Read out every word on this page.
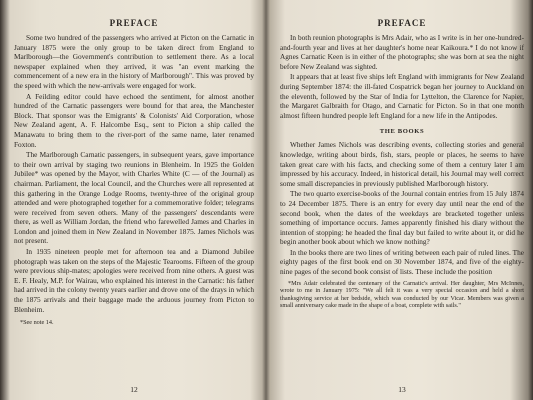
PREFACE

Some two hundred of the passengers who arrived at Picton on the Carnatic in January 1875 were the only group to be taken direct from England to Marlborough—the Government's contribution to settlement there. As a local newspaper explained when they arrived, it was "an event marking the commencement of a new era in the history of Marlborough". This was proved by the speed with which the new-arrivals were engaged for work.

A Feilding editor could have echoed the sentiment, for almost another hundred of the Carnatic passengers were bound for that area, the Manchester Block. That sponsor was the Emigrants' & Colonists' Aid Corporation, whose New Zealand agent, A. F. Halcombe Esq., sent to Picton a ship called the Manawatu to bring them to the river-port of the same name, later renamed Foxton.

The Marlborough Carnatic passengers, in subsequent years, gave importance to their own arrival by staging two reunions in Blenheim. In 1925 the Golden Jubilee* was opened by the Mayor, with Charles White (C — of the Journal) as chairman. Parliament, the local Council, and the Churches were all represented at this gathering in the Orange Lodge Rooms, twenty-three of the original group attended and were photographed together for a commemorative folder; telegrams were received from seven others. Many of the passengers' descendants were there, as well as William Jordan, the friend who farewelled James and Charles in London and joined them in New Zealand in November 1875. James Nichols was not present.

In 1935 nineteen people met for afternoon tea and a Diamond Jubilee photograph was taken on the steps of the Majestic Tearooms. Fifteen of the group were previous ship-mates; apologies were received from nine others. A guest was E. F. Healy, M.P. for Wairau, who explained his interest in the Carnatic: his father had arrived in the colony twenty years earlier and drove one of the drays in which the 1875 arrivals and their baggage made the arduous journey from Picton to Blenheim.

*See note 14.
12
PREFACE

In both reunion photographs is Mrs Adair, who as I write is in her one-hundred-and-fourth year and lives at her daughter's home near Kaikoura.* I do not know if Agnes Carnatic Keen is in either of the photographs; she was born at sea the night before New Zealand was sighted.

It appears that at least five ships left England with immigrants for New Zealand during September 1874: the ill-fated Cospatrick began her journey to Auckland on the eleventh, followed by the Star of India for Lyttelton, the Clarence for Napier, the Margaret Galbraith for Otago, and Carnatic for Picton. So in that one month almost fifteen hundred people left England for a new life in the Antipodes.

THE BOOKS

Whether James Nichols was describing events, collecting stories and general knowledge, writing about birds, fish, stars, people or places, he seems to have taken great care with his facts, and checking some of them a century later I am impressed by his accuracy. Indeed, in historical detail, his Journal may well correct some small discrepancies in previously published Marlborough history.

The two quarto exercise-books of the Journal contain entries from 15 July 1874 to 24 December 1875. There is an entry for every day until near the end of the second book, when the dates of the weekdays are bracketed together unless something of importance occurs. James apparently finished his diary without the intention of stopping: he headed the final day but failed to write about it, or did he begin another book about which we know nothing?

In the books there are two lines of writing between each pair of ruled lines. The eighty pages of the first book end on 30 November 1874, and five of the eighty-nine pages of the second book consist of lists. These include the position

*Mrs Adair celebrated the centenary of the Carnatic's arrival. Her daughter, Mrs McInnes, wrote to me in January 1975: "We all felt it was a very special occasion and held a short thanksgiving service at her bedside, which was conducted by our Vicar. Members was given a small anniversary cake made in the shape of a boat, complete with sails."

13
